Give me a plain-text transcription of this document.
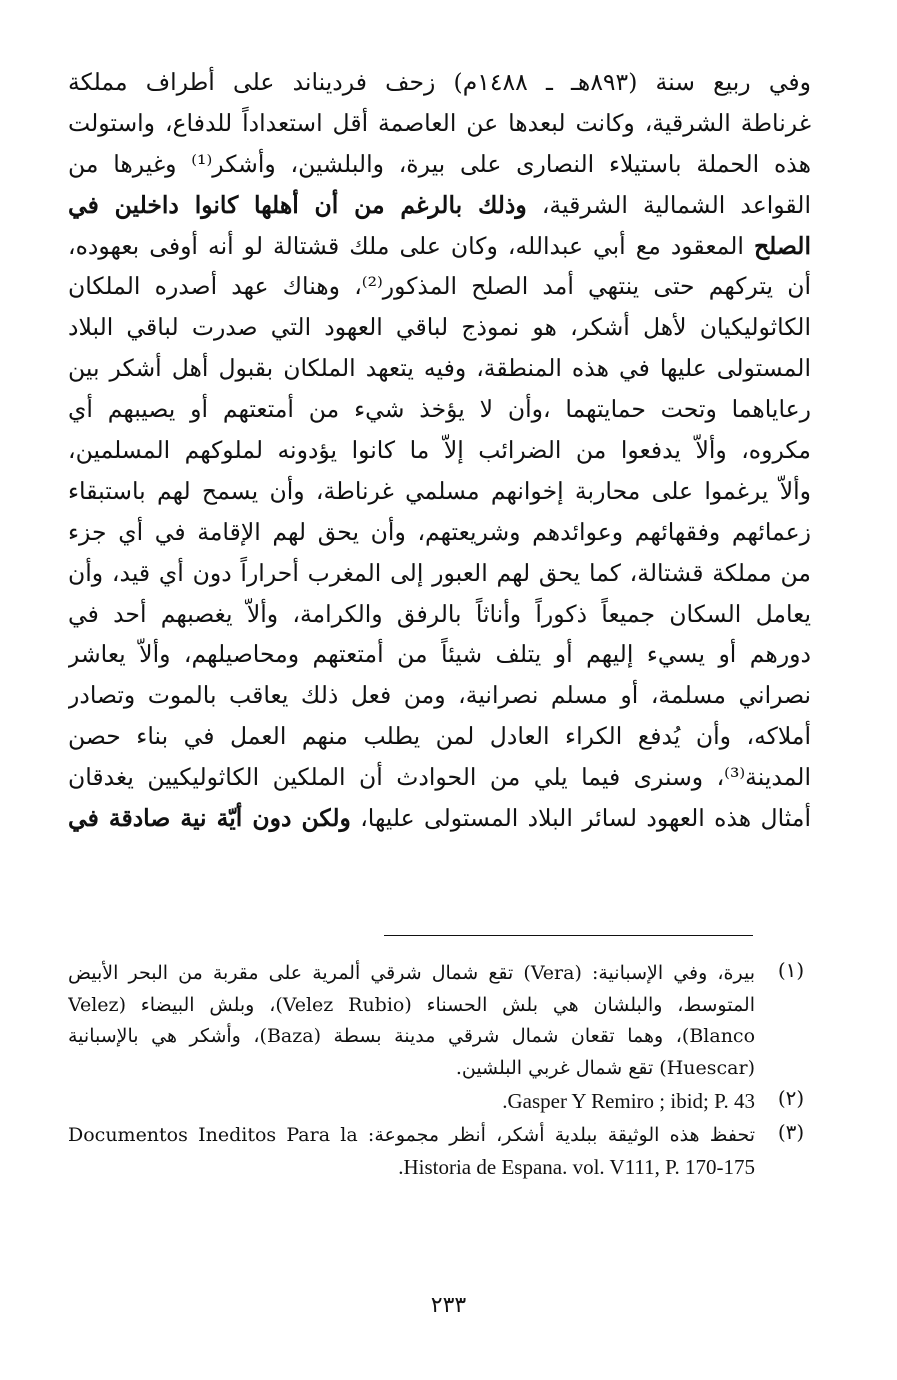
وفي ربيع سنة (٨٩٣هـ ـ ١٤٨٨م) زحف فرديناند على أطراف مملكة
غرناطة الشرقية، وكانت لبعدها عن العاصمة أقل استعداداً للدفاع، واستولت
هذه الحملة باستيلاء النصارى على بيرة، والبلشين، وأشكر⁽¹⁾ وغيرها من
القواعد الشمالية الشرقية، وذلك بالرغم من أن أهلها كانوا داخلين في
الصلح المعقود مع أبي عبدالله، وكان على ملك قشتالة لو أنه أوفى بعهوده،
أن يتركهم حتى ينتهي أمد الصلح المذكور⁽²⁾، وهناك عهد أصدره الملكان
الكاثوليكيان لأهل أشكر، هو نموذج لباقي العهود التي صدرت لباقي البلاد
المستولى عليها في هذه المنطقة، وفيه يتعهد الملكان بقبول أهل أشكر بين
رعاياهما وتحت حمايتهما ،وأن لا يؤخذ شيء من أمتعتهم أو يصيبهم أي
مكروه، وألاّ يدفعوا من الضرائب إلاّ ما كانوا يؤدونه لملوكهم المسلمين،
وألاّ يرغموا على محاربة إخوانهم مسلمي غرناطة، وأن يسمح لهم باستبقاء
زعمائهم وفقهائهم وعوائدهم وشريعتهم، وأن يحق لهم الإقامة في أي جزء
من مملكة قشتالة، كما يحق لهم العبور إلى المغرب أحراراً دون أي قيد، وأن
يعامل السكان جميعاً ذكوراً وأناثاً بالرفق والكرامة، وألاّ يغصبهم أحد في
دورهم أو يسيء إليهم أو يتلف شيئاً من أمتعتهم ومحاصيلهم، وألاّ يعاشر
نصراني مسلمة، أو مسلم نصرانية، ومن فعل ذلك يعاقب بالموت وتصادر
أملاكه، وأن يُدفع الكراء العادل لمن يطلب منهم العمل في بناء حصن
المدينة⁽³⁾، وسنرى فيما يلي من الحوادث أن الملكين الكاثوليكيين يغدقان
أمثال هذه العهود لسائر البلاد المستولى عليها، ولكن دون أيّة نية صادقة في
(١)
بيرة، وفي الإسبانية: (Vera) تقع شمال شرقي ألمرية على مقربة من البحر الأبيض
المتوسط، والبلشان هي بلش الحسناء (Velez Rubio)، وبلش البيضاء (Velez
Blanco)، وهما تقعان شمال شرقي مدينة بسطة (Baza)، وأشكر هي بالإسبانية
(Huescar) تقع شمال غربي البلشين.
(٢)
Gasper Y Remiro ; ibid; P. 43.
(٣)
تحفظ هذه الوثيقة ببلدية أشكر، أنظر مجموعة: Documentos Ineditos Para la
Historia de Espana. vol. V111, P. 170-175.
٢٣٣
